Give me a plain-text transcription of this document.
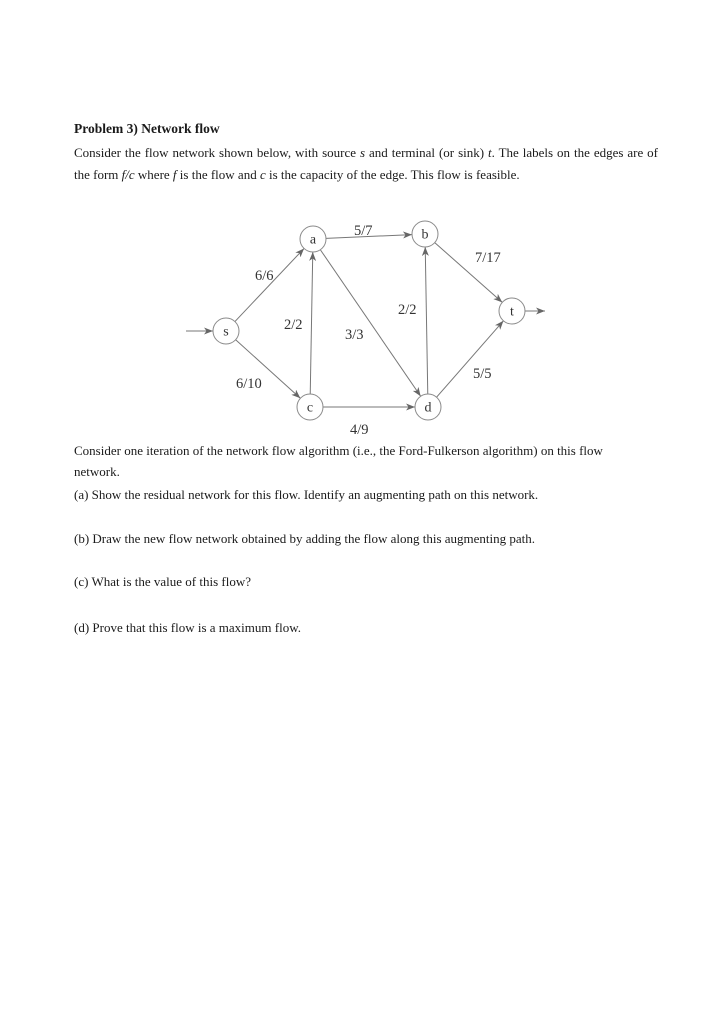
Problem 3) Network flow

Consider the flow network shown below, with source s and terminal (or sink) t. The labels on the edges are of the form f/c where f is the flow and c is the capacity of the edge. This flow is feasible.

s
a	b
c	d
t
6/6
6/10
2/2
5/7
3/3
2/2
4/9
7/17
5/5

Consider one iteration of the network flow algorithm (i.e., the Ford-Fulkerson algorithm) on this flow network.

(a) Show the residual network for this flow. Identify an augmenting path on this network.

(b) Draw the new flow network obtained by adding the flow along this augmenting path.

(c) What is the value of this flow?

(d) Prove that this flow is a maximum flow.
